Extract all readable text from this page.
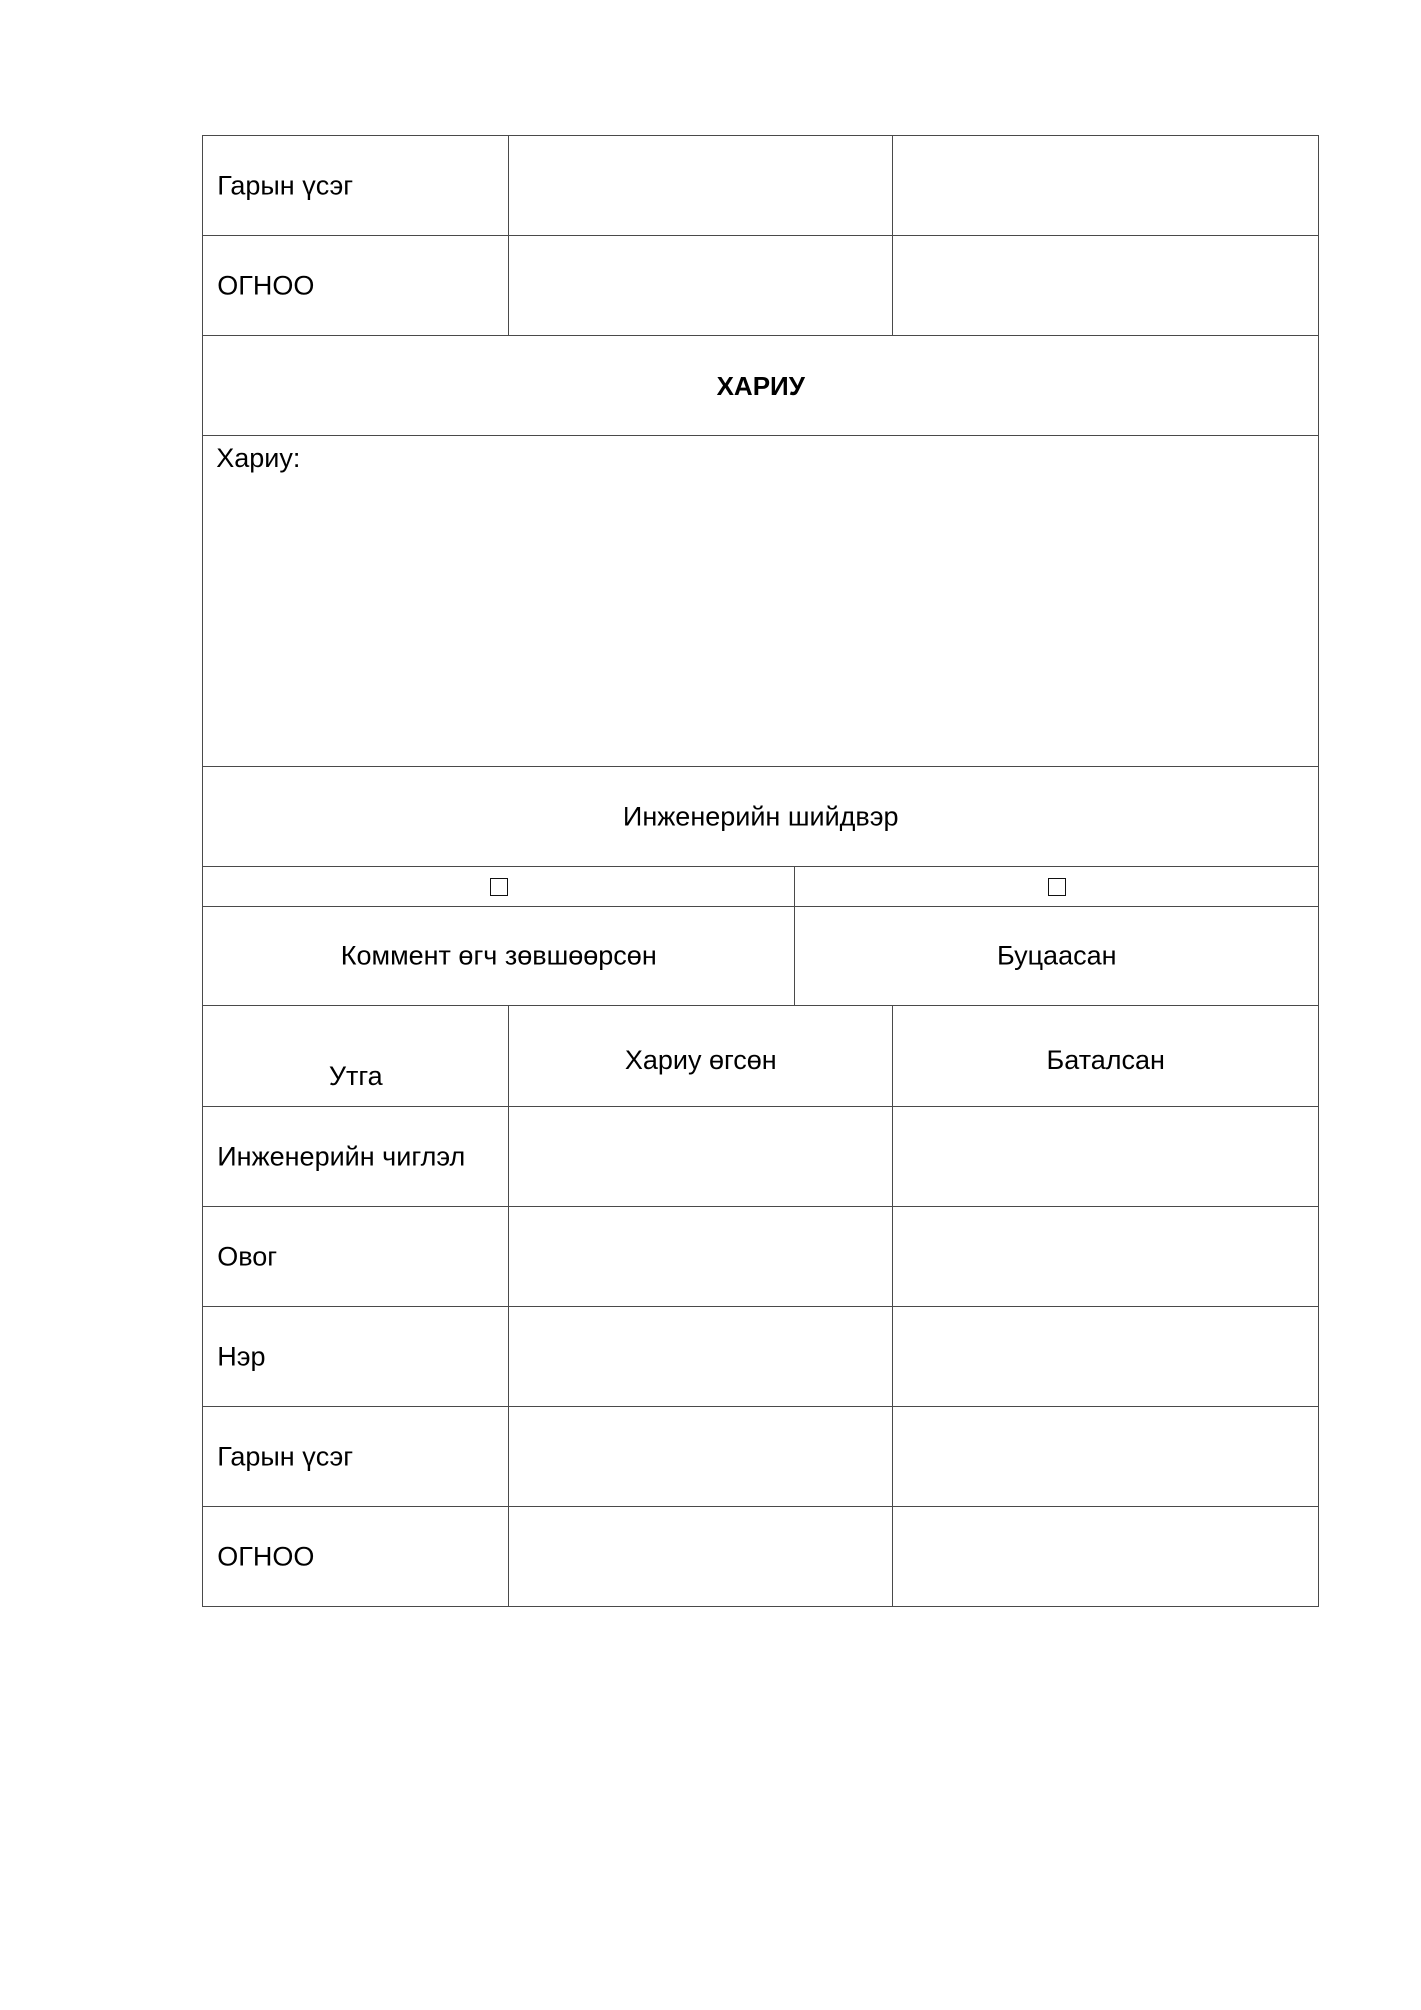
Гарын үсэг
ОГНОО
ХАРИУ
Хариу:
Инженерийн шийдвэр
Коммент өгч зөвшөөрсөн	Буцаасан
Утга
Хариу өгсөн	Баталсан
Инженерийн чиглэл
Овог
Нэр
Гарын үсэг
ОГНОО
